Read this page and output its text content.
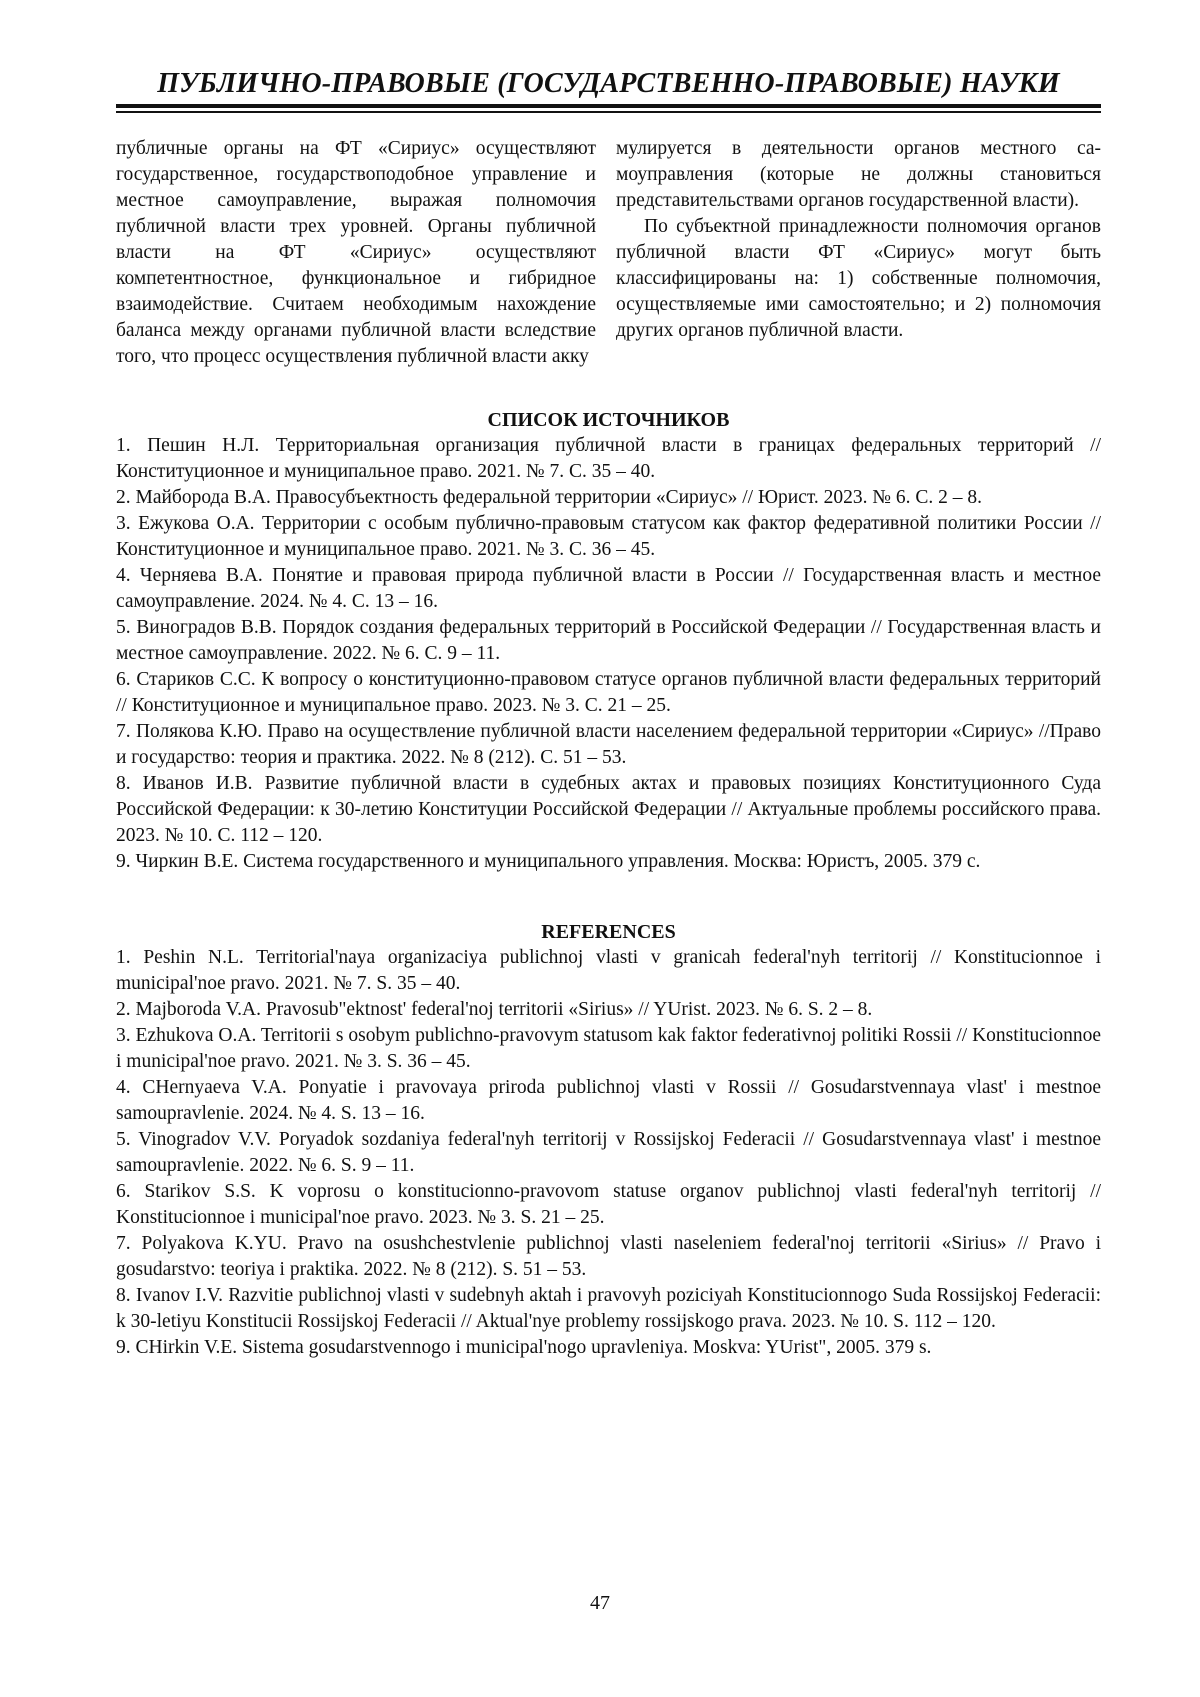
ПУБЛИЧНО-ПРАВОВЫЕ (ГОСУДАРСТВЕННО-ПРАВОВЫЕ) НАУКИ

публичные органы на ФТ «Сириус» осуществляют государственное, государствоподобное управление и местное самоуправление, выражая полномочия публичной власти трех уровней. Органы публичной власти на ФТ «Сириус» осуществляют компетентностное, функциональное и гибридное взаимодействие. Считаем необходимым нахождение баланса между органами публичной власти вследствие того, что процесс осуществления публичной власти акку

мулируется в деятельности органов местного самоуправления (которые не должны становиться представительствами органов государственной власти).

По субъектной принадлежности полномочия органов публичной власти ФТ «Сириус» могут быть классифицированы на: 1) собственные полномочия, осуществляемые ими самостоятельно; и 2) полномочия других органов публичной власти.

СПИСОК ИСТОЧНИКОВ

1. Пешин Н.Л. Территориальная организация публичной власти в границах федеральных территорий // Конституционное и муниципальное право. 2021. № 7. С. 35 – 40.

2. Майборода В.А. Правосубъектность федеральной территории «Сириус» // Юрист. 2023. № 6. С. 2 – 8.

3. Ежукова О.А. Территории с особым публично-правовым статусом как фактор федеративной политики России // Конституционное и муниципальное право. 2021. № 3. С. 36 – 45.

4. Черняева В.А. Понятие и правовая природа публичной власти в России // Государственная власть и местное самоуправление. 2024. № 4. С. 13 – 16.

5. Виноградов В.В. Порядок создания федеральных территорий в Российской Федерации // Государственная власть и местное самоуправление. 2022. № 6. С. 9 – 11.

6. Стариков С.С. К вопросу о конституционно-правовом статусе органов публичной власти федеральных территорий // Конституционное и муниципальное право. 2023. № 3. С. 21 – 25.

7. Полякова К.Ю. Право на осуществление публичной власти населением федеральной территории «Сириус» //Право и государство: теория и практика. 2022. № 8 (212). С. 51 – 53.

8. Иванов И.В. Развитие публичной власти в судебных актах и правовых позициях Конституционного Суда Российской Федерации: к 30-летию Конституции Российской Федерации // Актуальные проблемы российского права. 2023. № 10. С. 112 – 120.

9. Чиркин В.Е. Система государственного и муниципального управления. Москва: Юристъ, 2005. 379 с.

REFERENCES

1. Peshin N.L. Territorial'naya organizaciya publichnoj vlasti v granicah federal'nyh territorij // Konstitucionnoe i municipal'noe pravo. 2021. № 7. S. 35 – 40.

2. Majboroda V.A. Pravosub"ektnost' federal'noj territorii «Sirius» // YUrist. 2023. № 6. S. 2 – 8.

3. Ezhukova O.A. Territorii s osobym publichno-pravovym statusom kak faktor federativnoj politiki Rossii // Konstitucionnoe i municipal'noe pravo. 2021. № 3. S. 36 – 45.

4. CHernyaeva V.A. Ponyatie i pravovaya priroda publichnoj vlasti v Rossii // Gosudarstvennaya vlast' i mestnoe samoupravlenie. 2024. № 4. S. 13 – 16.

5. Vinogradov V.V. Poryadok sozdaniya federal'nyh territorij v Rossijskoj Federacii // Gosudarstvennaya vlast' i mestnoe samoupravlenie. 2022. № 6. S. 9 – 11.

6. Starikov S.S. K voprosu o konstitucionno-pravovom statuse organov publichnoj vlasti federal'nyh territorij // Konstitucionnoe i municipal'noe pravo. 2023. № 3. S. 21 – 25.

7. Polyakova K.YU. Pravo na osushchestvlenie publichnoj vlasti naseleniem federal'noj territorii «Sirius» // Pravo i gosudarstvo: teoriya i praktika. 2022. № 8 (212). S. 51 – 53.

8. Ivanov I.V. Razvitie publichnoj vlasti v sudebnyh aktah i pravovyh poziciyah Konstitucionnogo Suda Rossijskoj Federacii: k 30-letiyu Konstitucii Rossijskoj Federacii // Aktual'nye problemy rossijskogo prava. 2023. № 10. S. 112 – 120.

9. CHirkin V.E. Sistema gosudarstvennogo i municipal'nogo upravleniya. Moskva: YUrist", 2005. 379 s.

47
